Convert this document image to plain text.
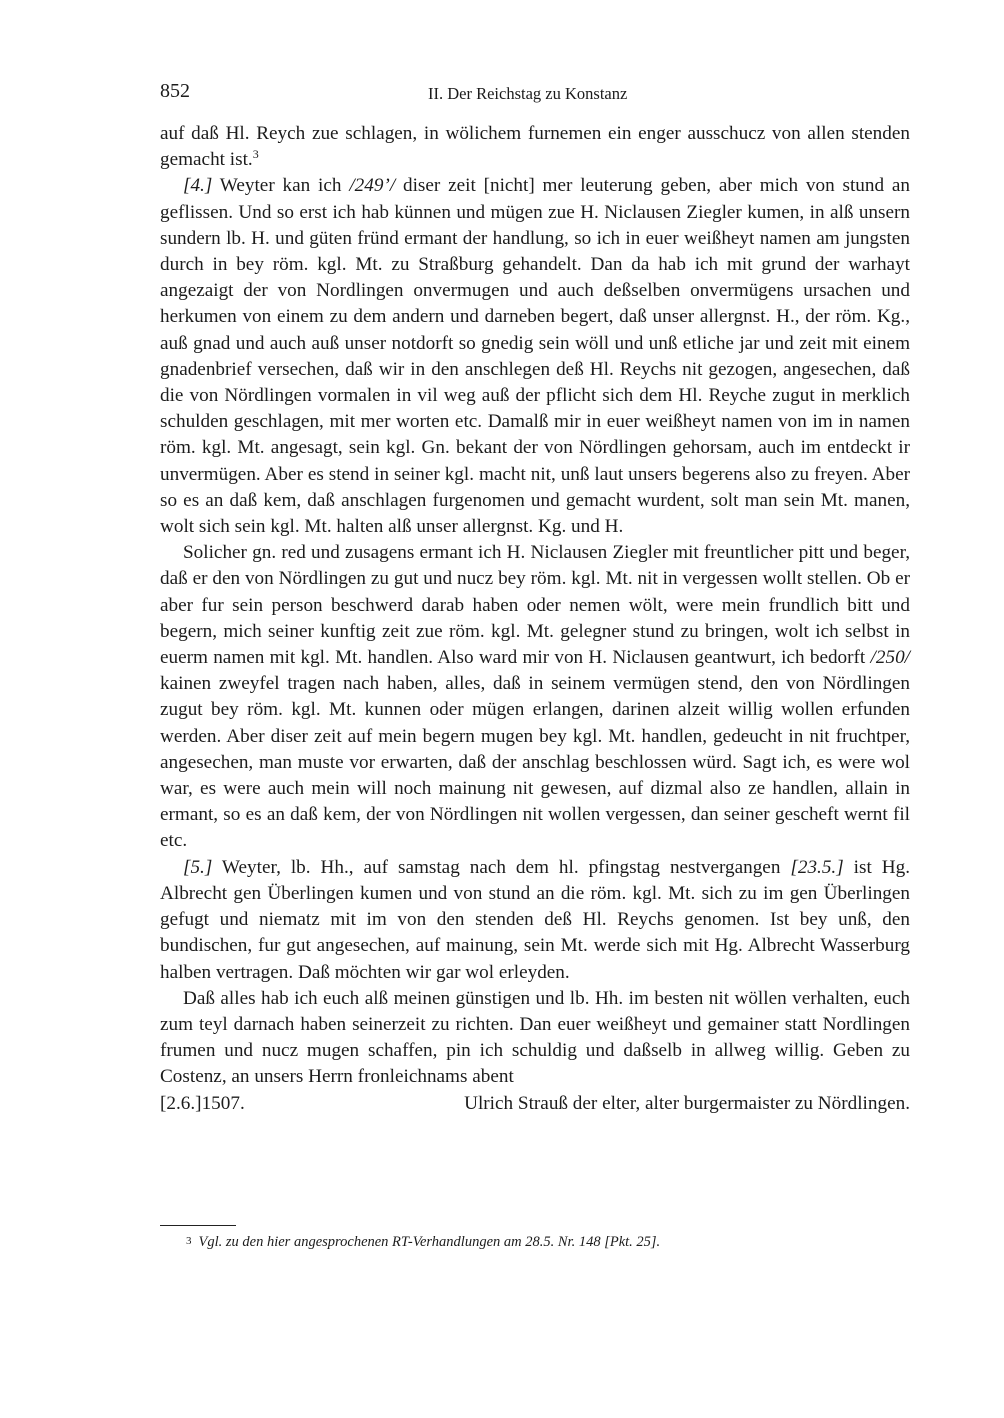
852	II. Der Reichstag zu Konstanz

auf daß Hl. Reych zue schlagen, in wölichem furnemen ein enger ausschucz von allen stenden gemacht ist.$^3$

[4.] Weyter kan ich /249’/ diser zeit [nicht] mer leuterung geben, aber mich von stund an geflissen. Und so erst ich hab künnen und mügen zue H. Niclausen Ziegler kumen, in alß unsern sundern lb. H. und güten fründ ermant der handlung, so ich in euer weißheyt namen am jungsten durch in bey röm. kgl. Mt. zu Straßburg gehandelt. Dan da hab ich mit grund der warhayt angezaigt der von Nordlingen onvermugen und auch deßselben onvermügens ursachen und herkumen von einem zu dem andern und darneben begert, daß unser allergnst. H., der röm. Kg., auß gnad und auch auß unser notdorft so gnedig sein wöll und unß etliche jar und zeit mit einem gnadenbrief versechen, daß wir in den anschlegen deß Hl. Reychs nit gezogen, angesechen, daß die von Nördlingen vormalen in vil weg auß der pflicht sich dem Hl. Reyche zugut in merklich schulden geschlagen, mit mer worten etc. Damalß mir in euer weißheyt namen von im in namen röm. kgl. Mt. angesagt, sein kgl. Gn. bekant der von Nördlingen gehorsam, auch im entdeckt ir unvermügen. Aber es stend in seiner kgl. macht nit, unß laut unsers begerens also zu freyen. Aber so es an daß kem, daß anschlagen furgenomen und gemacht wurdent, solt man sein Mt. manen, wolt sich sein kgl. Mt. halten alß unser allergnst. Kg. und H.

Solicher gn. red und zusagens ermant ich H. Niclausen Ziegler mit freuntlicher pitt und beger, daß er den von Nördlingen zu gut und nucz bey röm. kgl. Mt. nit in vergessen wollt stellen. Ob er aber fur sein person beschwerd darab haben oder nemen wölt, were mein frundlich bitt und begern, mich seiner kunftig zeit zue röm. kgl. Mt. gelegner stund zu bringen, wolt ich selbst in euerm namen mit kgl. Mt. handlen. Also ward mir von H. Niclausen geantwurt, ich bedorft /250/ kainen zweyfel tragen nach haben, alles, daß in seinem vermügen stend, den von Nördlingen zugut bey röm. kgl. Mt. kunnen oder mügen erlangen, darinen alzeit willig wollen erfunden werden. Aber diser zeit auf mein begern mugen bey kgl. Mt. handlen, gedeucht in nit fruchtper, angesechen, man muste vor erwarten, daß der anschlag beschlossen würd. Sagt ich, es were wol war, es were auch mein will noch mainung nit gewesen, auf dizmal also ze handlen, allain in ermant, so es an daß kem, der von Nördlingen nit wollen vergessen, dan seiner gescheft wernt fil etc.

[5.] Weyter, lb. Hh., auf samstag nach dem hl. pfingstag nestvergangen [23.5.] ist Hg. Albrecht gen Überlingen kumen und von stund an die röm. kgl. Mt. sich zu im gen Überlingen gefugt und niematz mit im von den stenden deß Hl. Reychs genomen. Ist bey unß, den bundischen, fur gut angesechen, auf mainung, sein Mt. werde sich mit Hg. Albrecht Wasserburg halben vertragen. Daß möchten wir gar wol erleyden.

Daß alles hab ich euch alß meinen günstigen und lb. Hh. im besten nit wöllen verhalten, euch zum teyl darnach haben seinerzeit zu richten. Dan euer weißheyt und gemainer statt Nordlingen frumen und nucz mugen schaffen, pin ich schuldig und daßselb in allweg willig. Geben zu Costenz, an unsers Herrn fronleichnams abent

[2.6.]1507.	Ulrich Strauß der elter, alter burgermaister zu Nördlingen.
3 Vgl. zu den hier angesprochenen RT-Verhandlungen am 28.5. Nr. 148 [Pkt. 25].
